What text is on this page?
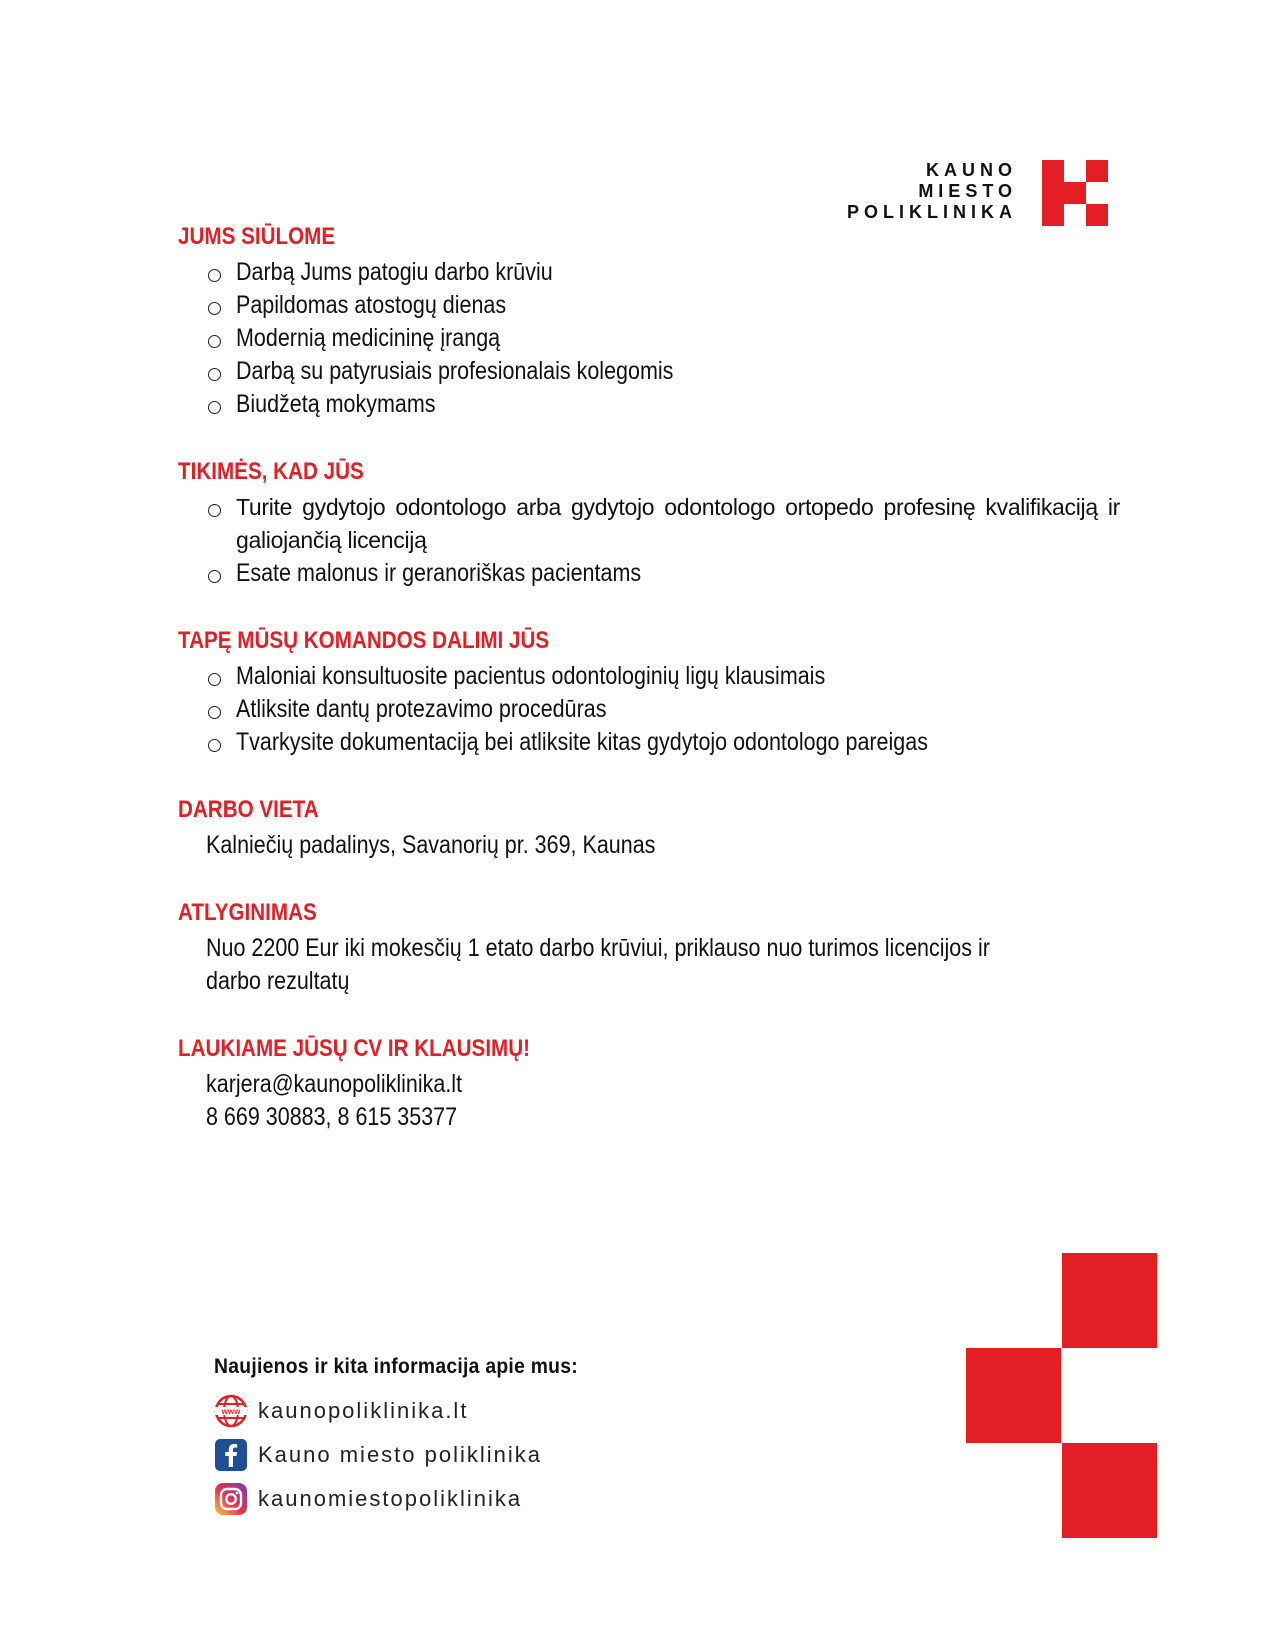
KAUNO
MIESTO
POLIKLINIKA
JUMS SIŪLOME
Darbą Jums patogiu darbo krūviu
Papildomas atostogų dienas
Modernią medicininę įrangą
Darbą su patyrusiais profesionalais kolegomis
Biudžetą mokymams
TIKIMĖS, KAD JŪS
Turite gydytojo odontologo arba gydytojo odontologo ortopedo profesinę kvalifikaciją ir galiojančią licenciją
Esate malonus ir geranoriškas pacientams
TAPĘ MŪSŲ KOMANDOS DALIMI JŪS
Maloniai konsultuosite pacientus odontologinių ligų klausimais
Atliksite dantų protezavimo procedūras
Tvarkysite dokumentaciją bei atliksite kitas gydytojo odontologo pareigas
DARBO VIETA
Kalniečių padalinys, Savanorių pr. 369, Kaunas
ATLYGINIMAS
Nuo 2200 Eur iki mokesčių 1 etato darbo krūviui, priklauso nuo turimos licencijos ir
darbo rezultatų
LAUKIAME JŪSŲ CV IR KLAUSIMŲ!
karjera@kaunopoliklinika.lt
8 669 30883, 8 615 35377
Naujienos ir kita informacija apie mus:
www kaunopoliklinika.lt
Kauno miesto poliklinika
kaunomiestopoliklinika
